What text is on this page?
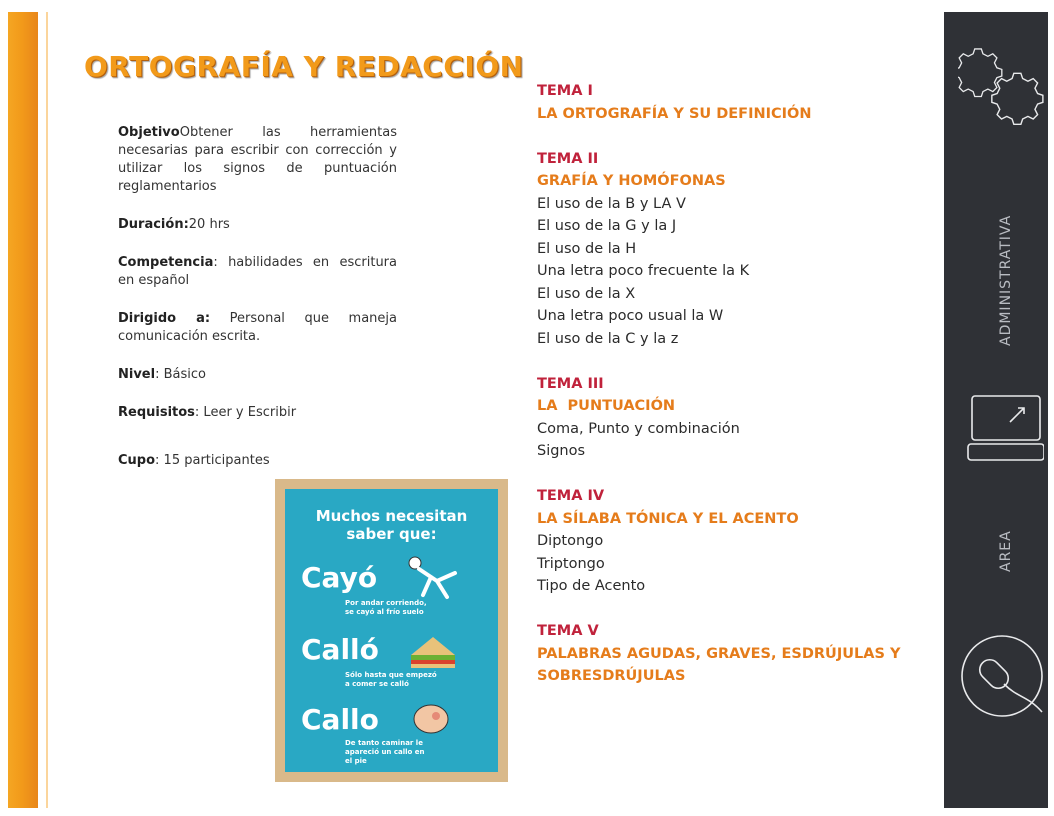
ORTOGRAFÍA Y REDACCIÓN

ObjetivoObtener las herramientas necesarias para escribir con corrección y utilizar los signos de puntuación reglamentarios

Duración:20 hrs

Competencia: habilidades en escritura en español

Dirigido a: Personal que maneja comunicación escrita.

Nivel: Básico

Requisitos: Leer y Escribir

Cupo: 15 participantes

Muchos necesitan
saber que:
Cayó
Por andar corriendo,
se cayó al frío suelo
Calló
Sólo hasta que empezó
a comer se calló
Callo
De tanto caminar le
apareció un callo en
el pie
TEMA I
LA ORTOGRAFÍA Y SU DEFINICIÓN
TEMA II
GRAFÍA Y HOMÓFONAS
El uso de la B y LA V
El uso de la G y la J
El uso de la H
Una letra poco frecuente la K
El uso de la X
Una letra poco usual la W
El uso de la C y la z
TEMA III
LA  PUNTUACIÓN
Coma, Punto y combinación
Signos
TEMA IV
LA SÍLABA TÓNICA Y EL ACENTO
Diptongo
Triptongo
Tipo de Acento
TEMA V
PALABRAS AGUDAS, GRAVES, ESDRÚJULAS Y
SOBRESDRÚJULAS
ADMINISTRATIVA
AREA
